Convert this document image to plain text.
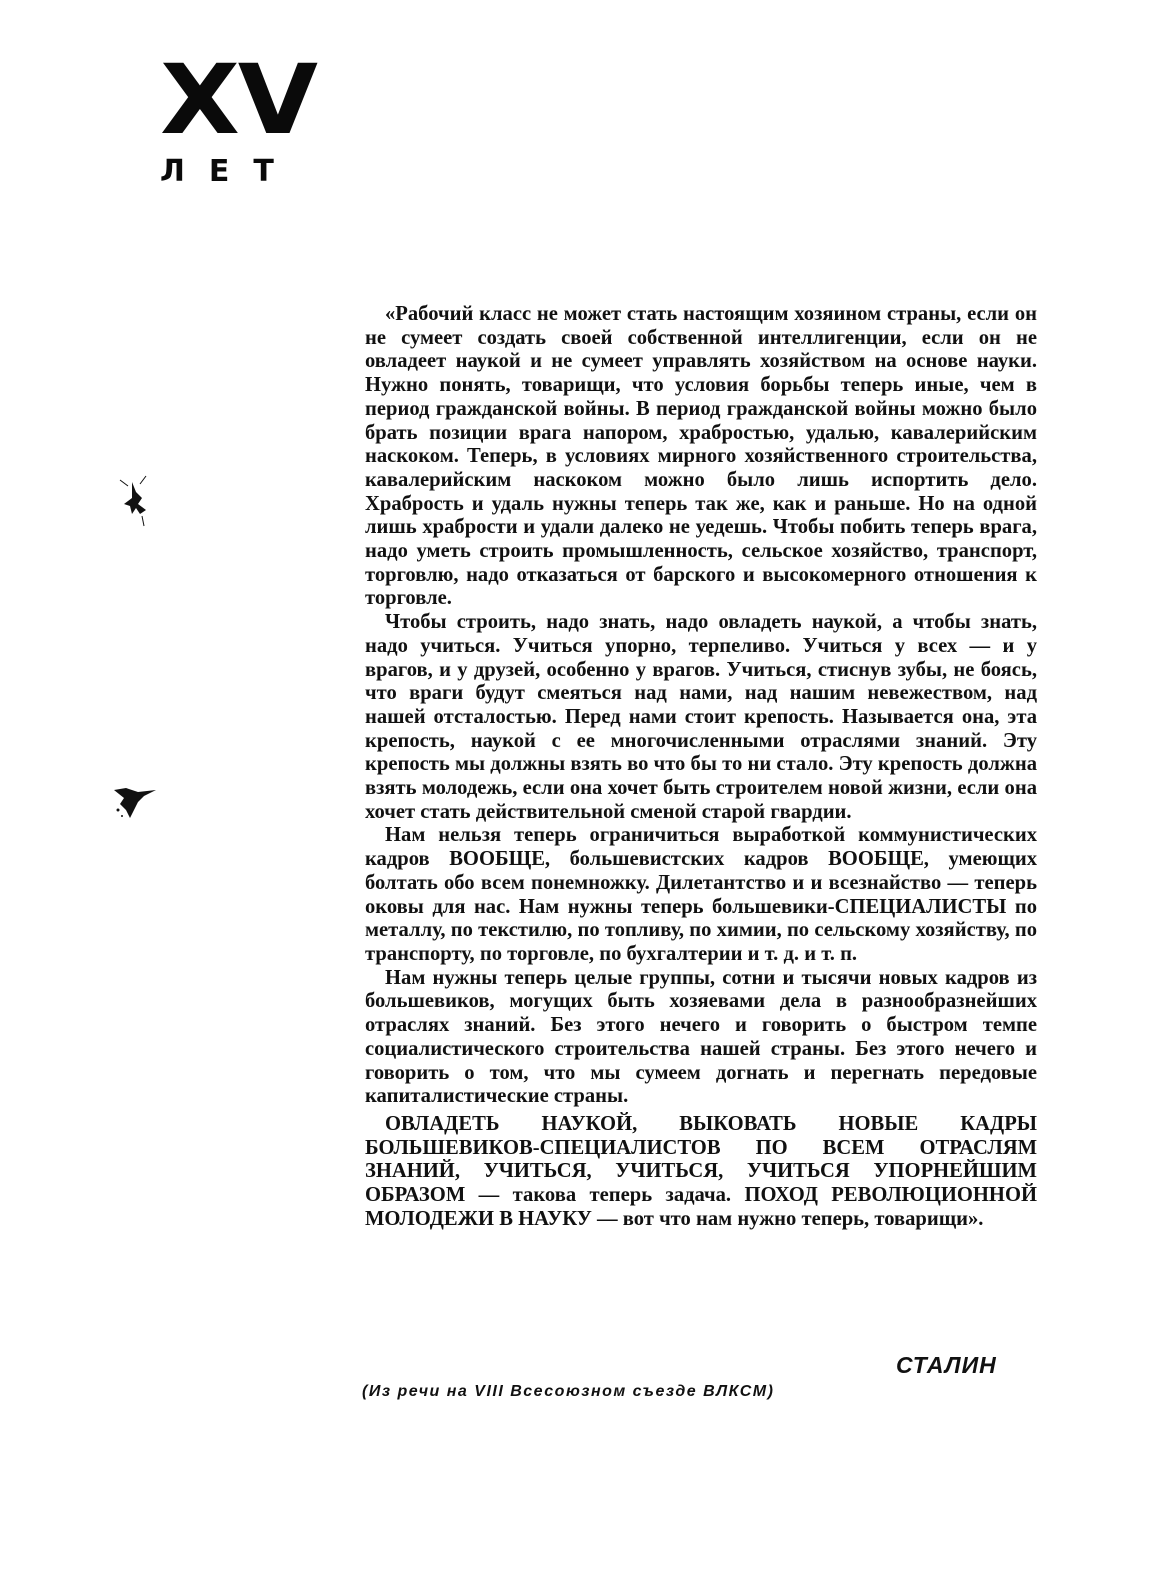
XV
ЛЕТ

«Рабочий класс не может стать настоящим хозяином страны, если он не сумеет создать своей собственной интеллигенции, если он не овладеет наукой и не сумеет управлять хозяйством на основе науки. Нужно понять, товарищи, что условия борьбы теперь иные, чем в период гражданской войны. В период гражданской войны можно было брать позиции врага напором, храбростью, удалью, кавалерийским наскоком. Теперь, в условиях мирного хозяйственного строительства, кавалерийским наскоком можно было лишь испортить дело. Храбрость и удаль нужны теперь так же, как и раньше. Но на одной лишь храбрости и удали далеко не уедешь. Чтобы побить теперь врага, надо уметь строить промышленность, сельское хозяйство, транспорт, торговлю, надо отказаться от барского и высокомерного отношения к торговле.

Чтобы строить, надо знать, надо овладеть наукой, а чтобы знать, надо учиться. Учиться упорно, терпеливо. Учиться у всех — и у врагов, и у друзей, особенно у врагов. Учиться, стиснув зубы, не боясь, что враги будут смеяться над нами, над нашим невежеством, над нашей отсталостью. Перед нами стоит крепость. Называется она, эта крепость, наукой с ее многочисленными отраслями знаний. Эту крепость мы должны взять во что бы то ни стало. Эту крепость должна взять молодежь, если она хочет быть строителем новой жизни, если она хочет стать действительной сменой старой гвардии.

Нам нельзя теперь ограничиться выработкой коммунистических кадров ВООБЩЕ, большевистских кадров ВООБЩЕ, умеющих болтать обо всем понемножку. Дилетантство и и всезнайство — теперь оковы для нас. Нам нужны теперь большевики-СПЕЦИАЛИСТЫ по металлу, по текстилю, по топливу, по химии, по сельскому хозяйству, по транспорту, по торговле, по бухгалтерии и т. д. и т. п.

Нам нужны теперь целые группы, сотни и тысячи новых кадров из большевиков, могущих быть хозяевами дела в разнообразнейших отраслях знаний. Без этого нечего и говорить о быстром темпе социалистического строительства нашей страны. Без этого нечего и говорить о том, что мы сумеем догнать и перегнать передовые капиталистические страны.

ОВЛАДЕТЬ НАУКОЙ, ВЫКОВАТЬ НОВЫЕ КАДРЫ БОЛЬШЕВИКОВ-СПЕЦИАЛИСТОВ ПО ВСЕМ ОТРАСЛЯМ ЗНАНИЙ, УЧИТЬСЯ, УЧИТЬСЯ, УЧИТЬСЯ УПОРНЕЙШИМ ОБРАЗОМ — такова теперь задача. ПОХОД РЕВОЛЮЦИОННОЙ МОЛОДЕЖИ В НАУКУ — вот что нам нужно теперь, товарищи».

СТАЛИН
(Из речи на VIII Всесоюзном съезде ВЛКСМ)
